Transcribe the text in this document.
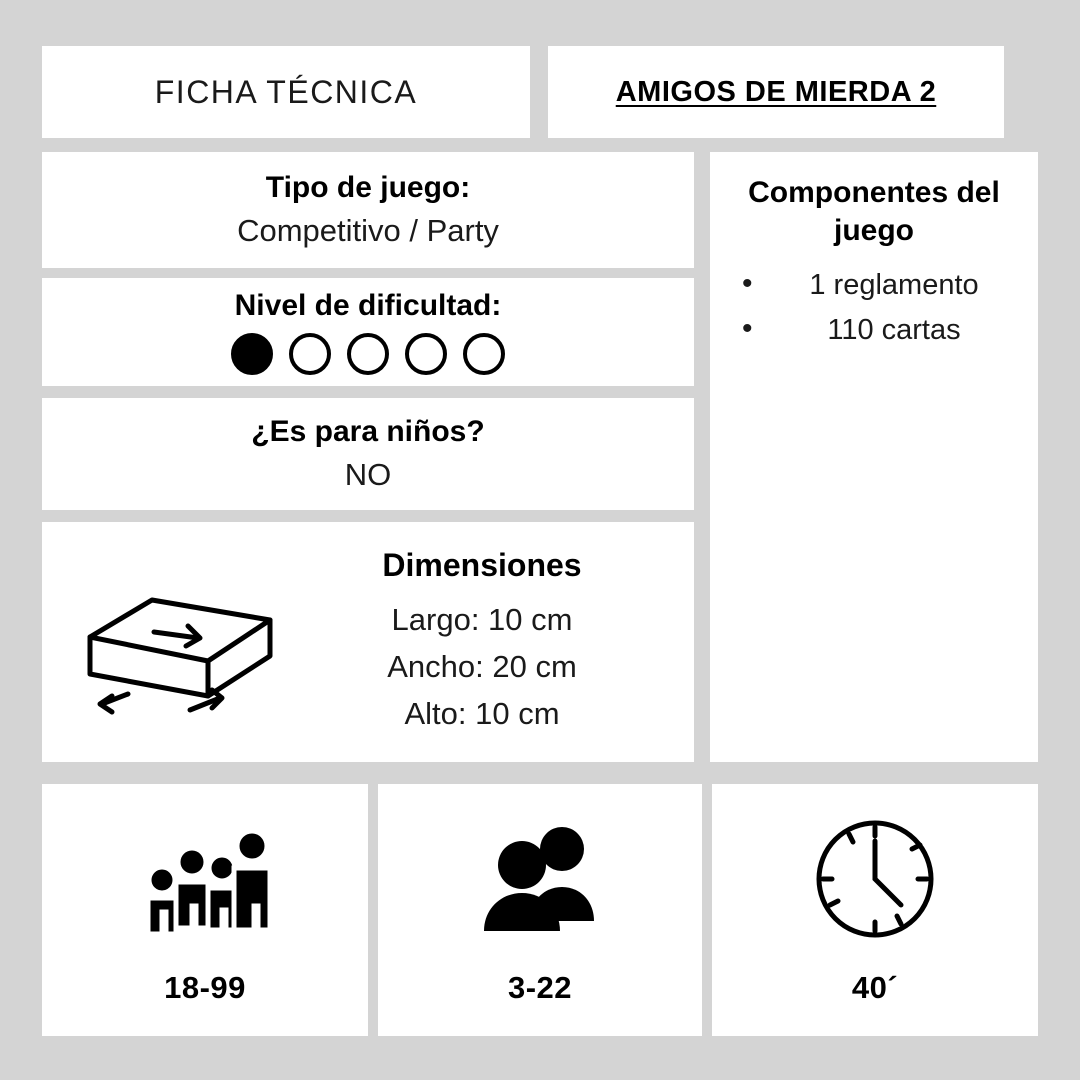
FICHA TÉCNICA	AMIGOS DE MIERDA 2
Tipo de juego:
Competitivo / Party
Nivel de dificultad:
¿Es para niños?
NO
Dimensiones
Largo: 10 cm
Ancho: 20 cm
Alto: 10 cm
Componentes del juego
• 1 reglamento
• 110 cartas
18-99	3-22	40´
